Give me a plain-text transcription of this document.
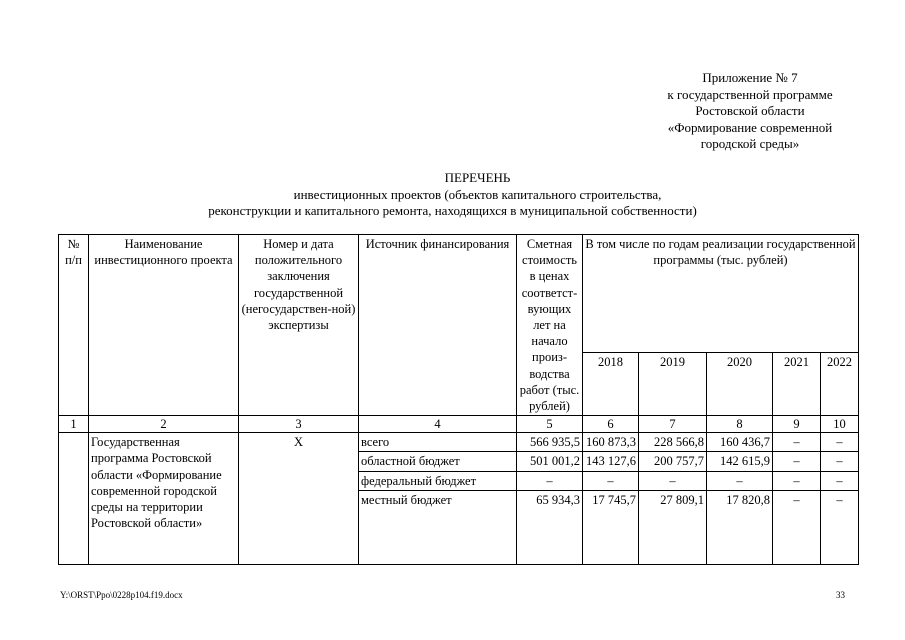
Приложение № 7
к государственной программе
Ростовской области
«Формирование современной
городской среды»
ПЕРЕЧЕНЬ
инвестиционных проектов (объектов капитального строительства,
реконструкции и капитального ремонта, находящихся в муниципальной собственности)
№ п/п	Наименование инвестиционного проекта	Номер и дата положительного заключения государственной (негосударствен-ной) экспертизы	Источник финансирования	Сметная стоимость в ценах соответст-вующих лет на начало произ-водства работ (тыс. рублей)	В том числе по годам реализации государственной программы (тыс. рублей)				
					2018	2019	2020	2021	2022
1	2	3	4	5	6	7	8	9	10
	Государственная программа Ростовской области «Формирование современной городской среды на территории Ростовской области»	Х	всего	566 935,5	160 873,3	228 566,8	160 436,7	–	–
			областной бюджет	501 001,2	143 127,6	200 757,7	142 615,9	–	–
			федеральный бюджет	–	–	–	–	–	–
			местный бюджет	65 934,3	17 745,7	27 809,1	17 820,8	–	–
Y:\ORST\Ppo\0228p104.f19.docx	33
